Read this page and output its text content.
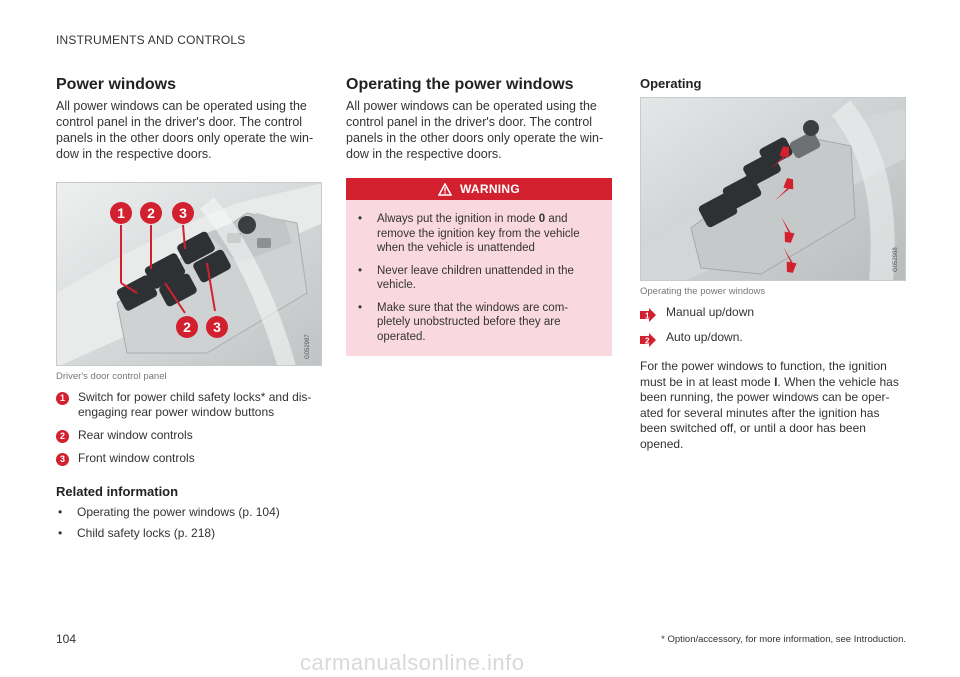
INSTRUMENTS AND CONTROLS
Power windows

All power windows can be operated using the control panel in the driver's door. The control panels in the other doors only operate the win-dow in the respective doors.

1 2 3
2 3
G052987
Driver's door control panel
1	Switch for power child safety locks* and dis-engaging rear power window buttons
2	Rear window controls
3	Front window controls
Related information
•	Operating the power windows (p. 104)
•	Child safety locks (p. 218)
Operating the power windows

All power windows can be operated using the control panel in the driver's door. The control panels in the other doors only operate the win-dow in the respective doors.

WARNING
•	Always put the ignition in mode 0 and remove the ignition key from the vehicle when the vehicle is unattended
•	Never leave children unattended in the vehicle.
•	Make sure that the windows are com-pletely unobstructed before they are operated.
Operating
G052988
Operating the power windows
1 Manual up/down
2 Auto up/down.

For the power windows to function, the ignition must be in at least mode I. When the vehicle has been running, the power windows can be oper-ated for several minutes after the ignition has been switched off, or until a door has been opened.

104	* Option/accessory, for more information, see Introduction.
carmanualsonline.info
